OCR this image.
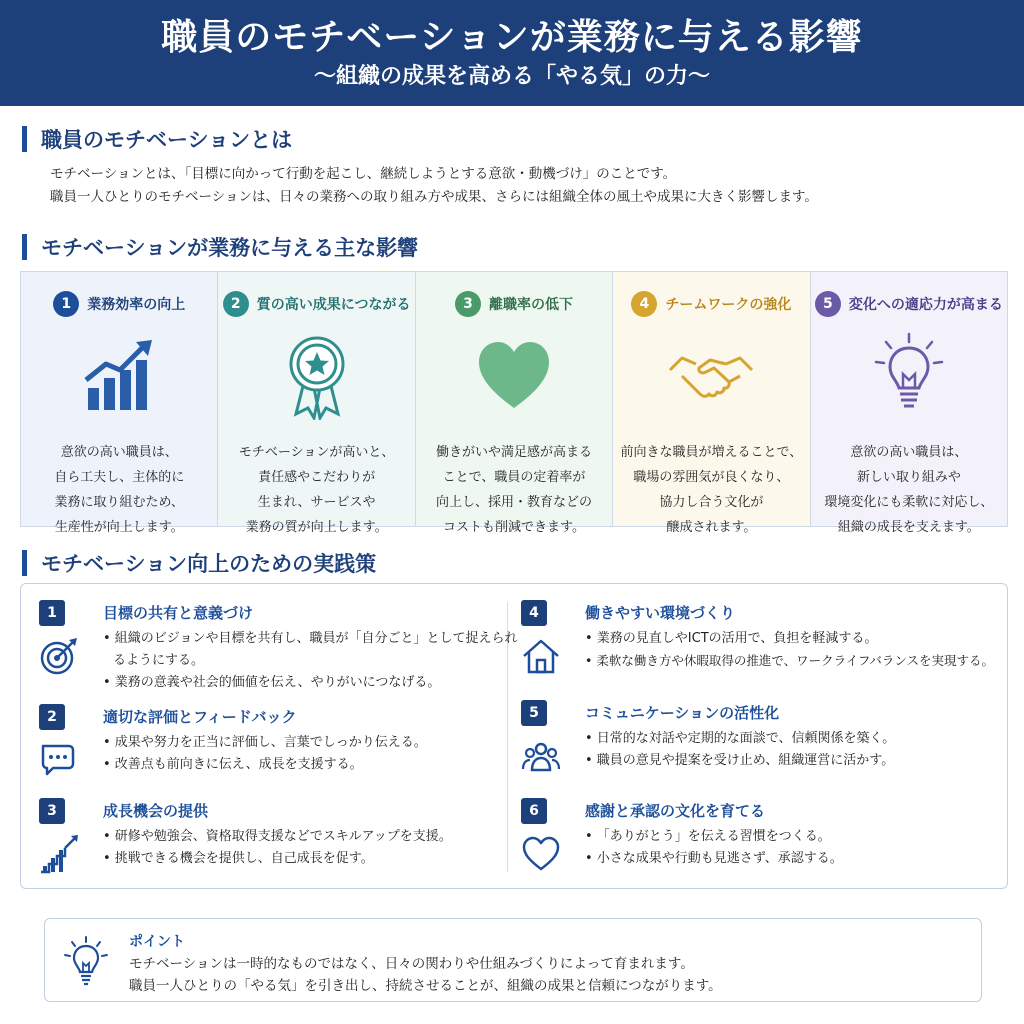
職員のモチベーションが業務に与える影響
〜組織の成果を高める「やる気」の力〜
職員のモチベーションとは
モチベーションとは、「目標に向かって行動を起こし、継続しようとする意欲・動機づけ」のことです。
職員一人ひとりのモチベーションは、日々の業務への取り組み方や成果、さらには組織全体の風土や成果に大きく影響します。
モチベーションが業務に与える主な影響
1	業務効率の向上
意欲の高い職員は、
自ら工夫し、主体的に
業務に取り組むため、
生産性が向上します。
2	質の高い成果につながる
モチベーションが高いと、
責任感やこだわりが
生まれ、サービスや
業務の質が向上します。
3	離職率の低下
働きがいや満足感が高まる
ことで、職員の定着率が
向上し、採用・教育などの
コストも削減できます。
4	チームワークの強化
前向きな職員が増えることで、
職場の雰囲気が良くなり、
協力し合う文化が
醸成されます。
5	変化への適応力が高まる
意欲の高い職員は、
新しい取り組みや
環境変化にも柔軟に対応し、
組織の成長を支えます。
モチベーション向上のための実践策
1	目標の共有と意義づけ
• 組織のビジョンや目標を共有し、職員が「自分ごと」として捉えられるようにする。
• 業務の意義や社会的価値を伝え、やりがいにつなげる。
2	適切な評価とフィードバック
• 成果や努力を正当に評価し、言葉でしっかり伝える。
• 改善点も前向きに伝え、成長を支援する。
3	成長機会の提供
• 研修や勉強会、資格取得支援などでスキルアップを支援。
• 挑戦できる機会を提供し、自己成長を促す。
4	働きやすい環境づくり
• 業務の見直しやICTの活用で、負担を軽減する。
• 柔軟な働き方や休暇取得の推進で、ワークライフバランスを実現する。
5	コミュニケーションの活性化
• 日常的な対話や定期的な面談で、信頼関係を築く。
• 職員の意見や提案を受け止め、組織運営に活かす。
6	感謝と承認の文化を育てる
• 「ありがとう」を伝える習慣をつくる。
• 小さな成果や行動も見逃さず、承認する。
ポイント
モチベーションは一時的なものではなく、日々の関わりや仕組みづくりによって育まれます。
職員一人ひとりの「やる気」を引き出し、持続させることが、組織の成果と信頼につながります。
